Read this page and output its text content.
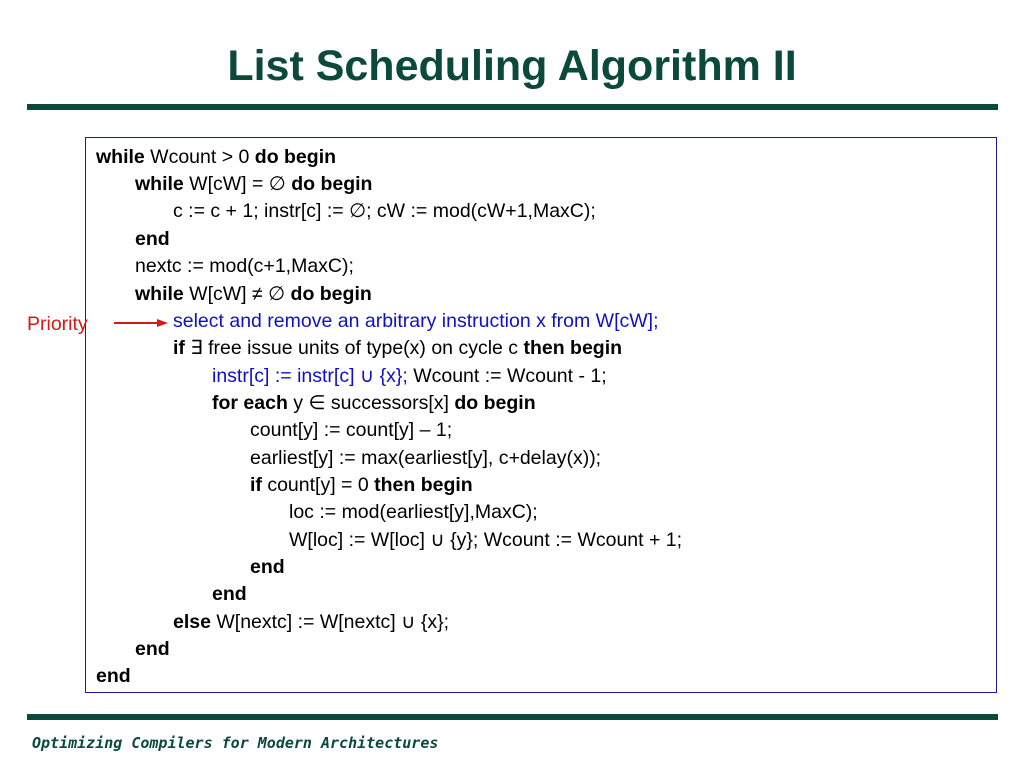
List Scheduling Algorithm II
while Wcount > 0 do begin
while W[cW] = ∅ do begin
c := c + 1; instr[c] := ∅; cW := mod(cW+1,MaxC);
end
nextc := mod(c+1,MaxC);
while W[cW] ≠ ∅ do begin
select and remove an arbitrary instruction x from W[cW];
if ∃ free issue units of type(x) on cycle c then begin
instr[c] := instr[c] ∪ {x}; Wcount := Wcount - 1;
for each y ∈ successors[x] do begin
count[y] := count[y] – 1;
earliest[y] := max(earliest[y], c+delay(x));
if count[y] = 0 then begin
loc := mod(earliest[y],MaxC);
W[loc] := W[loc] ∪ {y}; Wcount := Wcount + 1;
end
end
else W[nextc] := W[nextc] ∪ {x};
end
end
Priority
Optimizing Compilers for Modern Architectures
